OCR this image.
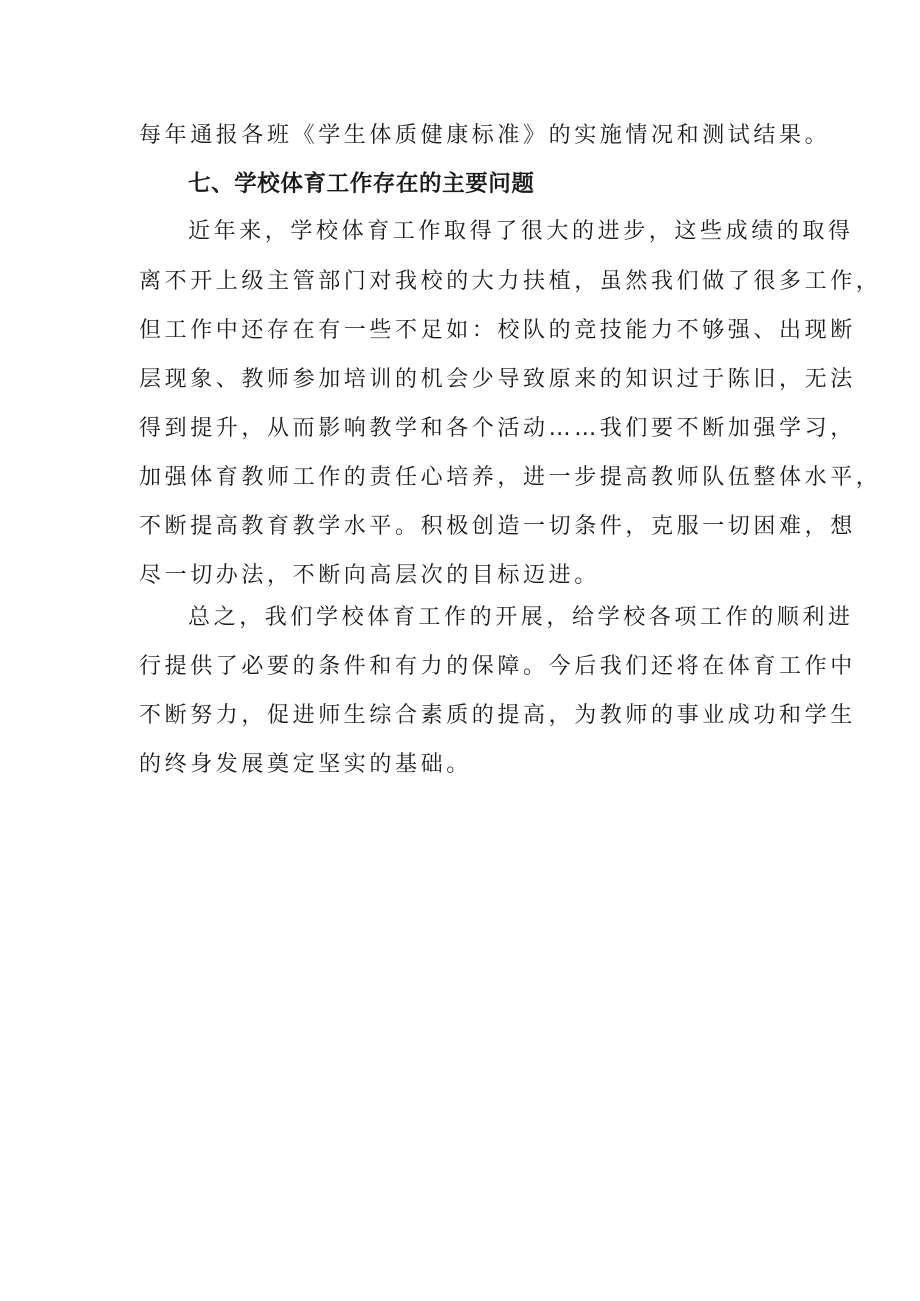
每年通报各班《学生体质健康标准》的实施情况和测试结果。
七、学校体育工作存在的主要问题
近年来，学校体育工作取得了很大的进步，这些成绩的取得
离不开上级主管部门对我校的大力扶植，虽然我们做了很多工作，
但工作中还存在有一些不足如：校队的竞技能力不够强、出现断
层现象、教师参加培训的机会少导致原来的知识过于陈旧，无法
得到提升，从而影响教学和各个活动……我们要不断加强学习，
加强体育教师工作的责任心培养，进一步提高教师队伍整体水平，
不断提高教育教学水平。积极创造一切条件，克服一切困难，想
尽一切办法，不断向高层次的目标迈进。
总之，我们学校体育工作的开展，给学校各项工作的顺利进
行提供了必要的条件和有力的保障。今后我们还将在体育工作中
不断努力，促进师生综合素质的提高，为教师的事业成功和学生
的终身发展奠定坚实的基础。
